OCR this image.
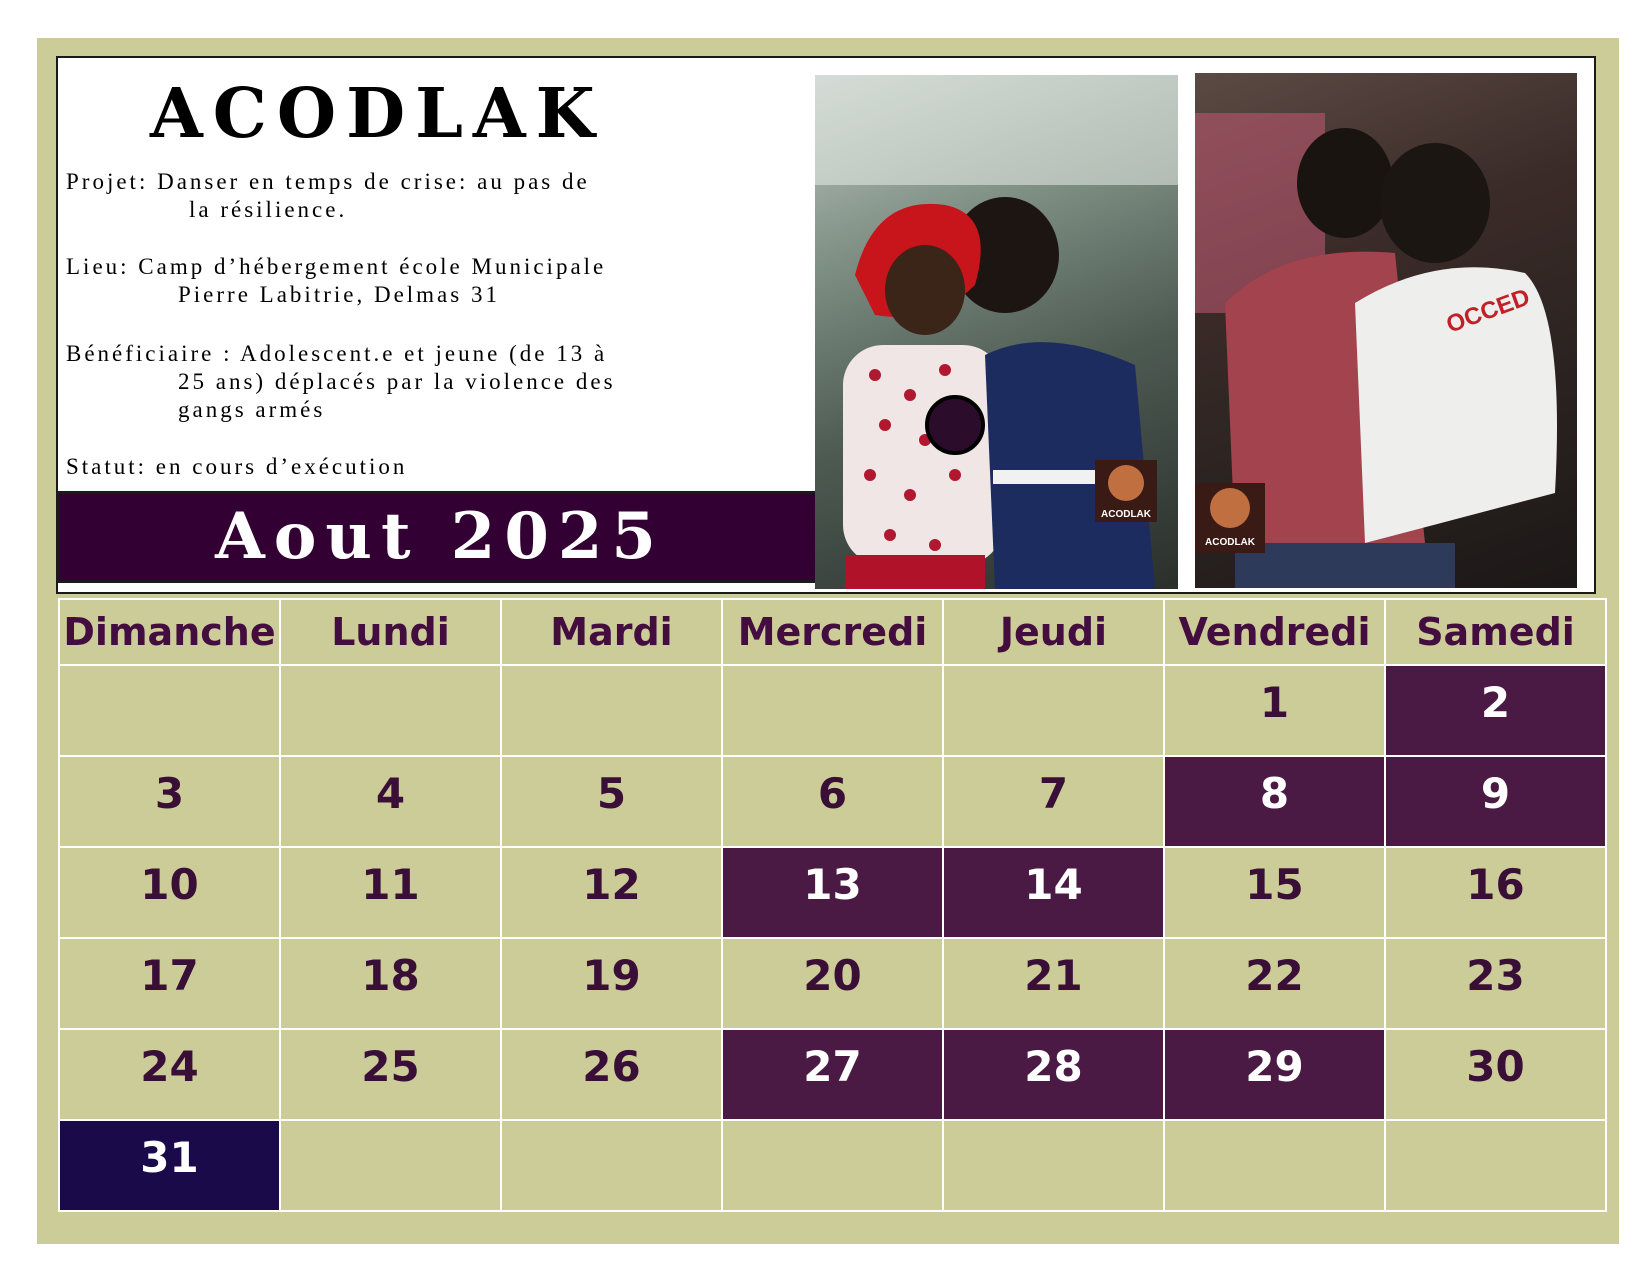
ACODLAK
Projet: Danser en temps de crise: au pas de
la résilience.
Lieu: Camp d’hébergement école Municipale
Pierre Labitrie, Delmas 31
Bénéficiaire : Adolescent.e et jeune (de 13 à
25 ans) déplacés par la violence des
gangs armés
Statut: en cours d’exécution
Aout 2025	ACODLAK
OCCED
ACODLAK
Dimanche	Lundi	Mardi	Mercredi	Jeudi	Vendredi	Samedi
					1	2
3	4	5	6	7	8	9
10	11	12	13	14	15	16
17	18	19	20	21	22	23
24	25	26	27	28	29	30
31						
